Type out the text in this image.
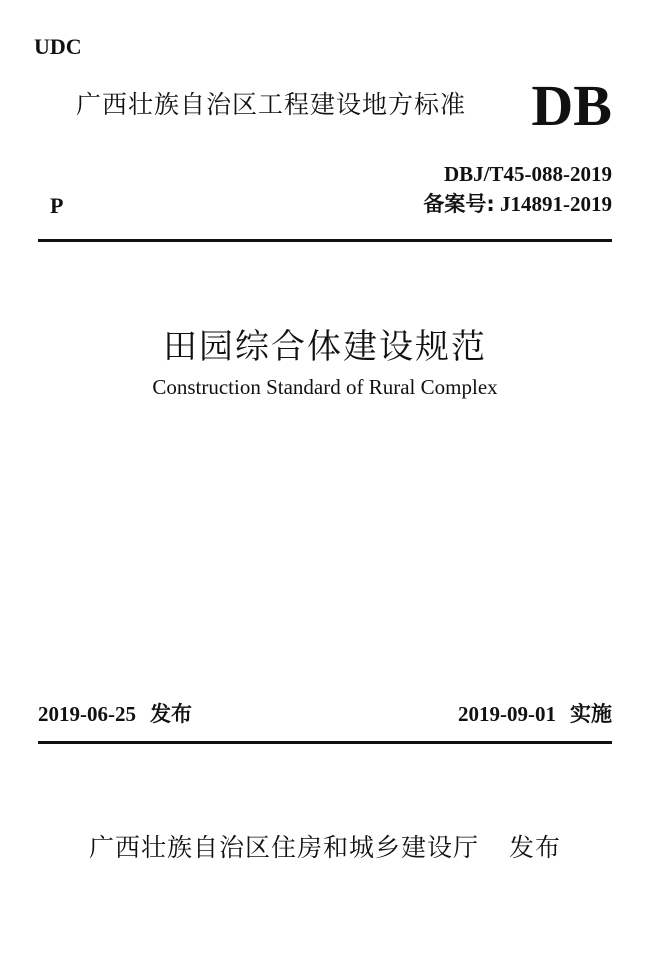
UDC
广西壮族自治区工程建设地方标准 DB
DBJ/T45-088-2019
P	备案号: J14891-2019
田园综合体建设规范
Construction Standard of Rural Complex
2019-06-25 发布	2019-09-01 实施
广西壮族自治区住房和城乡建设厅 发布
